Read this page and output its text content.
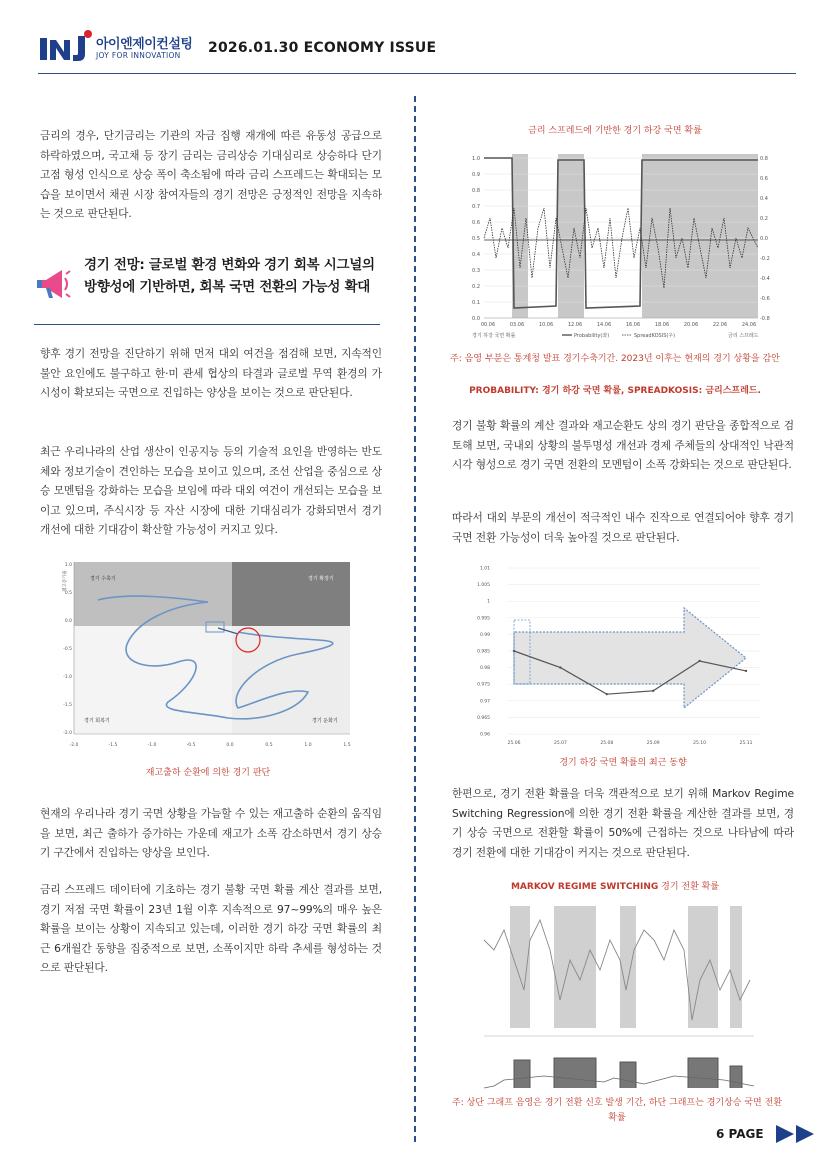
아이엔제이컨설팅
JOY FOR INNOVATION 2026.01.30 ECONOMY ISSUE
금리의 경우, 단기금리는 기관의 자금 집행 재개에 따른 유동성 공급으로 하락하였으며, 국고채 등 장기 금리는 금리상승 기대심리로 상승하다 단기 고점 형성 인식으로 상승 폭이 축소됨에 따라 금리 스프레드는 확대되는 모습을 보이면서 채권 시장 참여자들의 경기 전망은 긍정적인 전망을 지속하는 것으로 판단된다.
경기 전망: 글로벌 환경 변화와 경기 회복 시그널의 방향성에 기반하면, 회복 국면 전환의 가능성 확대
향후 경기 전망을 진단하기 위해 먼저 대외 여건을 점검해 보면, 지속적인 불안 요인에도 불구하고 한·미 관세 협상의 타결과 글로벌 무역 환경의 가시성이 확보되는 국면으로 진입하는 양상을 보이는 것으로 판단된다.
최근 우리나라의 산업 생산이 인공지능 등의 기술적 요인을 반영하는 반도체와 정보기술이 견인하는 모습을 보이고 있으며, 조선 산업을 중심으로 상승 모멘텀을 강화하는 모습을 보임에 따라 대외 여건이 개선되는 모습을 보이고 있으며, 주식시장 등 자산 시장에 대한 기대심리가 강화되면서 경기 개선에 대한 기대감이 확산할 가능성이 커지고 있다.
경기 수축기	경기 확장기
경기 회복기	경기 둔화기
재고증가율
1.0
0.5
0.0
-0.5
-1.0
-1.5
-2.0
-2.0	-1.5	-1.0	-0.5	0.0	0.5	1.0	1.5
재고출하 순환에 의한 경기 판단
현재의 우리나라 경기 국면 상황을 가늠할 수 있는 재고출하 순환의 움직임을 보면, 최근 출하가 증가하는 가운데 재고가 소폭 감소하면서 경기 상승기 구간에서 진입하는 양상을 보인다.
금리 스프레드 데이터에 기초하는 경기 불황 국면 확률 계산 결과를 보면, 경기 저점 국면 확률이 23년 1월 이후 지속적으로 97~99%의 매우 높은 확률을 보이는 상황이 지속되고 있는데, 이러한 경기 하강 국면 확률의 최근 6개월간 동향을 집중적으로 보면, 소폭이지만 하락 추세를 형성하는 것으로 판단된다.
금리 스프레드에 기반한 경기 하강 국면 확률
1.0
0.9
0.8
0.7
0.6
0.5
0.4
0.3
0.2
0.1
0.0
0.8
0.6
0.4
0.2
0.0
-0.2
-0.4
-0.6
-0.8
00.06	03.06	10.06	12.06	14.06	16.06	18.06	20.06	22.06	24.06
경기 하강 국면 확률	Probability(좌)	SpreadKOSIS(우)	금리 스프레드
주: 음영 부분은 통계청 발표 경기수축기간. 2023년 이후는 현재의 경기 상황을 감안
PROBABILITY: 경기 하강 국면 확률, SPREADKOSIS: 금리스프레드.
경기 불황 확률의 계산 결과와 재고순환도 상의 경기 판단을 종합적으로 검토해 보면, 국내외 상황의 불투명성 개선과 경제 주체들의 상대적인 낙관적 시각 형성으로 경기 국면 전환의 모멘텀이 소폭 강화되는 것으로 판단된다.
따라서 대외 부문의 개선이 적극적인 내수 진작으로 연결되어야 향후 경기 국면 전환 가능성이 더욱 높아질 것으로 판단된다.
1.01
1.005
1
0.995
0.99
0.985
0.98
0.975
0.97
0.965
0.96
25.06	25.07	25.08	25.09	25.10	25.11
경기 하강 국면 확률의 최근 동향
한편으로, 경기 전환 확률을 더욱 객관적으로 보기 위해 Markov Regime Switching Regression에 의한 경기 전환 확률을 계산한 결과를 보면, 경기 상승 국면으로 전환할 확률이 50%에 근접하는 것으로 나타남에 따라 경기 전환에 대한 기대감이 커지는 것으로 판단된다.
MARKOV REGIME SWITCHING 경기 전환 확률
주: 상단 그래프 음영은 경기 전환 신호 발생 기간, 하단 그래프는 경기상승 국면 전환 확률
6 PAGE
